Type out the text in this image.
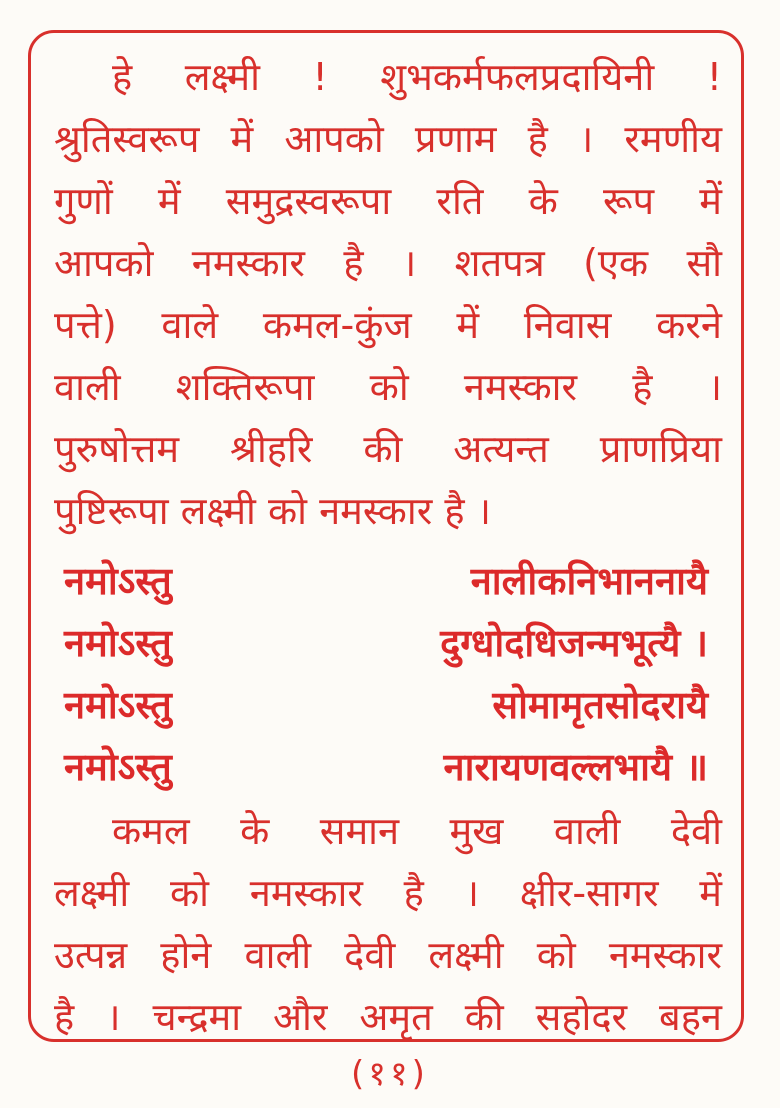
हे लक्ष्मी ! शुभकर्मफलप्रदायिनी !
श्रुतिस्वरूप में आपको प्रणाम है । रमणीय
गुणों में समुद्रस्वरूपा रति के रूप में
आपको नमस्कार है । शतपत्र (एक सौ
पत्ते) वाले कमल-कुंज में निवास करने
वाली शक्तिरूपा को नमस्कार है ।
पुरुषोत्तम श्रीहरि की अत्यन्त प्राणप्रिया
पुष्टिरूपा लक्ष्मी को नमस्कार है ।
नमोऽस्तु	नालीकनिभाननायै
नमोऽस्तु	दुग्धोदधिजन्मभूत्यै ।
नमोऽस्तु	सोमामृतसोदरायै
नमोऽस्तु	नारायणवल्लभायै ॥
कमल के समान मुख वाली देवी
लक्ष्मी को नमस्कार है । क्षीर-सागर में
उत्पन्न होने वाली देवी लक्ष्मी को नमस्कार
है । चन्द्रमा और अमृत की सहोदर बहन
(११)
